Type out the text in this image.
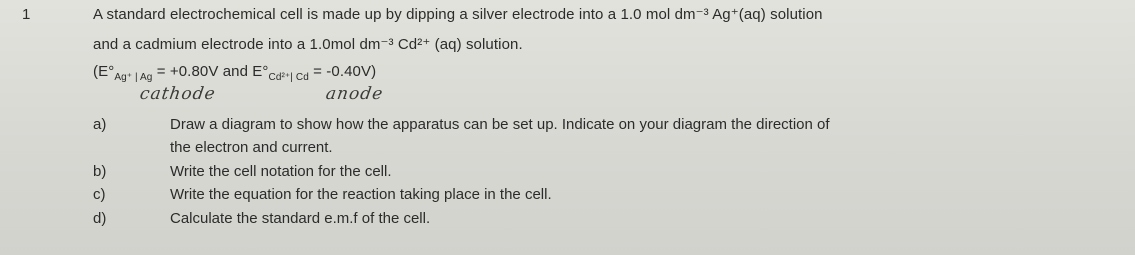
1	A standard electrochemical cell is made up by dipping a silver electrode into a 1.0 mol dm⁻³ Ag⁺(aq) solution
and a cadmium electrode into a 1.0mol dm⁻³ Cd²⁺ (aq) solution.
($E^\circ_{Ag^+ | Ag} = +0.80V$ and $E^\circ_{Cd^{2+}| Cd} = -0.40V$)
cathode	anode
a)	Draw a diagram to show how the apparatus can be set up. Indicate on your diagram the direction of
the electron and current.
b)	Write the cell notation for the cell.
c)	Write the equation for the reaction taking place in the cell.
d)	Calculate the standard e.m.f of the cell.
